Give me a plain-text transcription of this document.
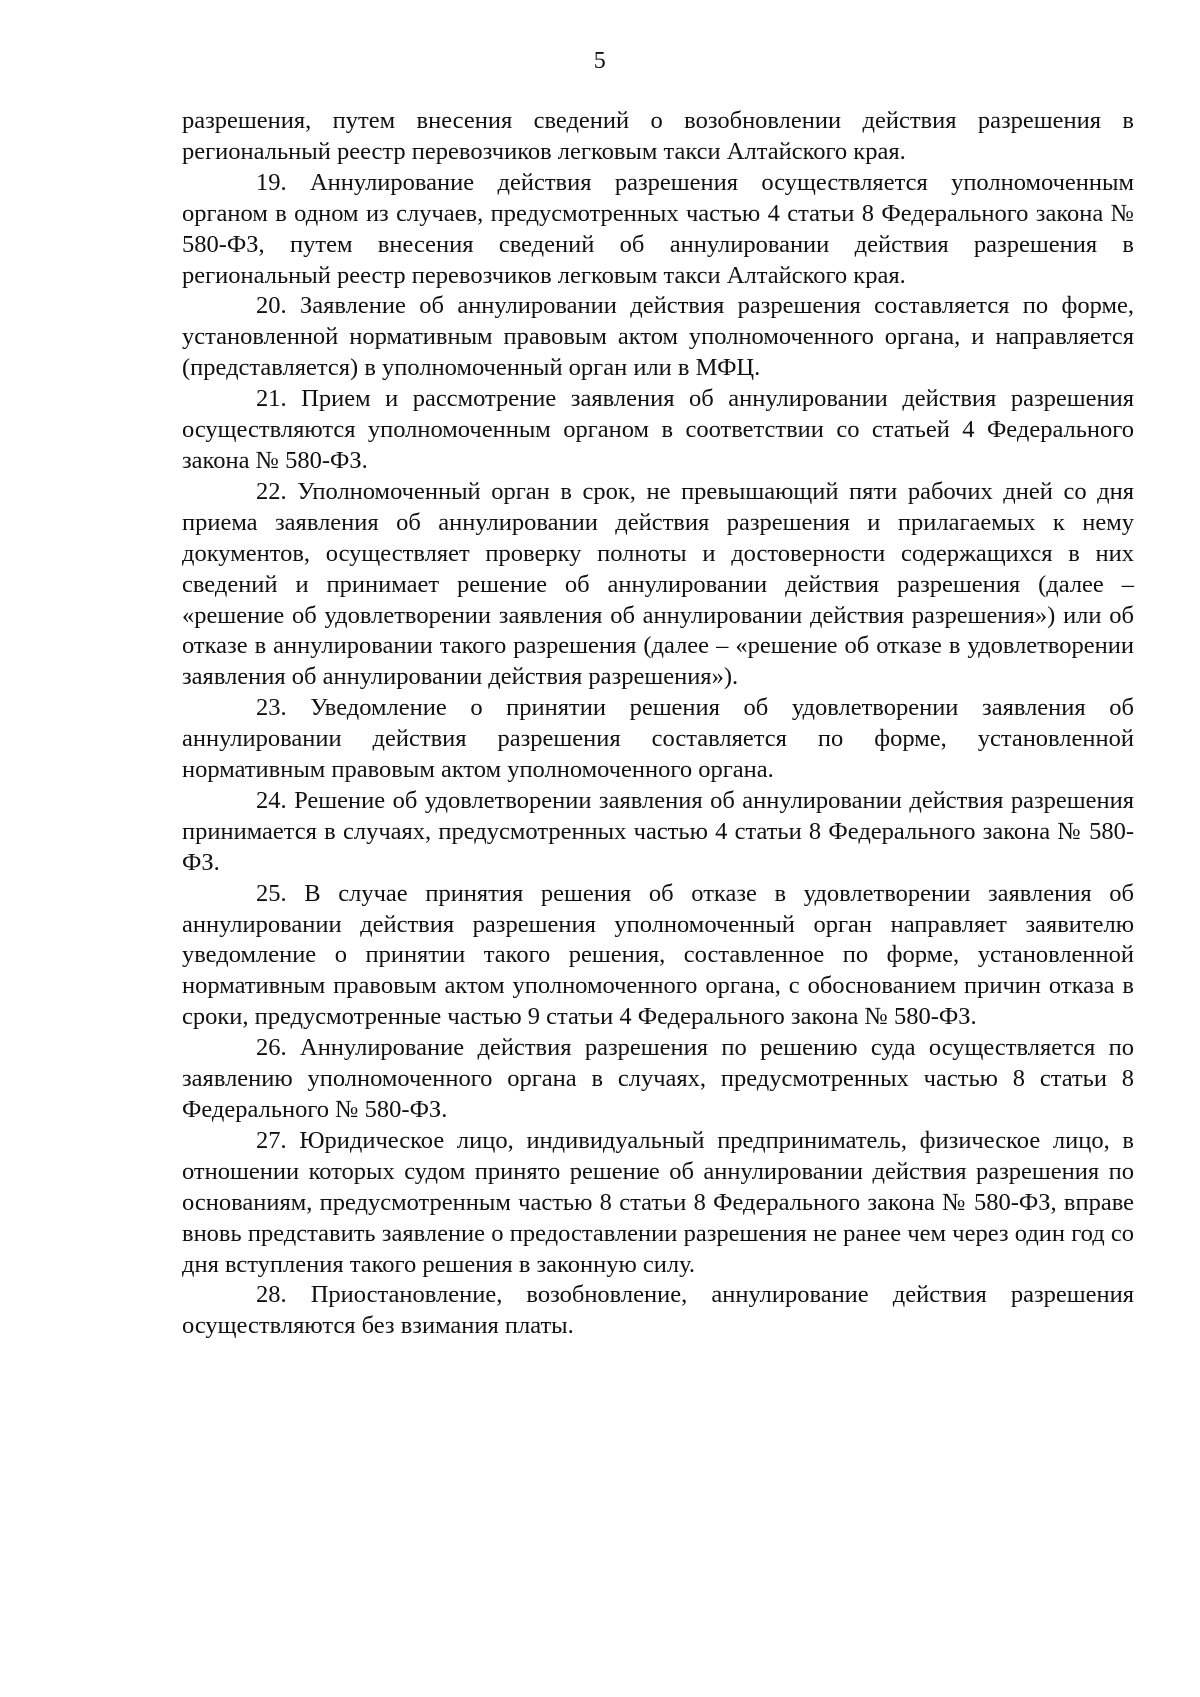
5

разрешения, путем внесения сведений о возобновлении действия разрешения в региональный реестр перевозчиков легковым такси Алтайского края.

19. Аннулирование действия разрешения осуществляется уполномоченным органом в одном из случаев, предусмотренных частью 4 статьи 8 Федерального закона № 580-ФЗ, путем внесения сведений об аннулировании действия разрешения в региональный реестр перевозчиков легковым такси Алтайского края.

20. Заявление об аннулировании действия разрешения составляется по форме, установленной нормативным правовым актом уполномоченного органа, и направляется (представляется) в уполномоченный орган или в МФЦ.

21. Прием и рассмотрение заявления об аннулировании действия разрешения осуществляются уполномоченным органом в соответствии со статьей 4 Федерального закона № 580-ФЗ.

22. Уполномоченный орган в срок, не превышающий пяти рабочих дней со дня приема заявления об аннулировании действия разрешения и прилагаемых к нему документов, осуществляет проверку полноты и достоверности содержащихся в них сведений и принимает решение об аннулировании действия разрешения (далее – «решение об удовлетворении заявления об аннулировании действия разрешения») или об отказе в аннулировании такого разрешения (далее – «решение об отказе в удовлетворении заявления об аннулировании действия разрешения»).

23. Уведомление о принятии решения об удовлетворении заявления об аннулировании действия разрешения составляется по форме, установленной нормативным правовым актом уполномоченного органа.

24. Решение об удовлетворении заявления об аннулировании действия разрешения принимается в случаях, предусмотренных частью 4 статьи 8 Федерального закона № 580-ФЗ.

25. В случае принятия решения об отказе в удовлетворении заявления об аннулировании действия разрешения уполномоченный орган направляет заявителю уведомление о принятии такого решения, составленное по форме, установленной нормативным правовым актом уполномоченного органа, с обоснованием причин отказа в сроки, предусмотренные частью 9 статьи 4 Федерального закона № 580-ФЗ.

26. Аннулирование действия разрешения по решению суда осуществляется по заявлению уполномоченного органа в случаях, предусмотренных частью 8 статьи 8 Федерального № 580-ФЗ.

27. Юридическое лицо, индивидуальный предприниматель, физическое лицо, в отношении которых судом принято решение об аннулировании действия разрешения по основаниям, предусмотренным частью 8 статьи 8 Федерального закона № 580-ФЗ, вправе вновь представить заявление о предоставлении разрешения не ранее чем через один год со дня вступления такого решения в законную силу.

28. Приостановление, возобновление, аннулирование действия разрешения осуществляются без взимания платы.
